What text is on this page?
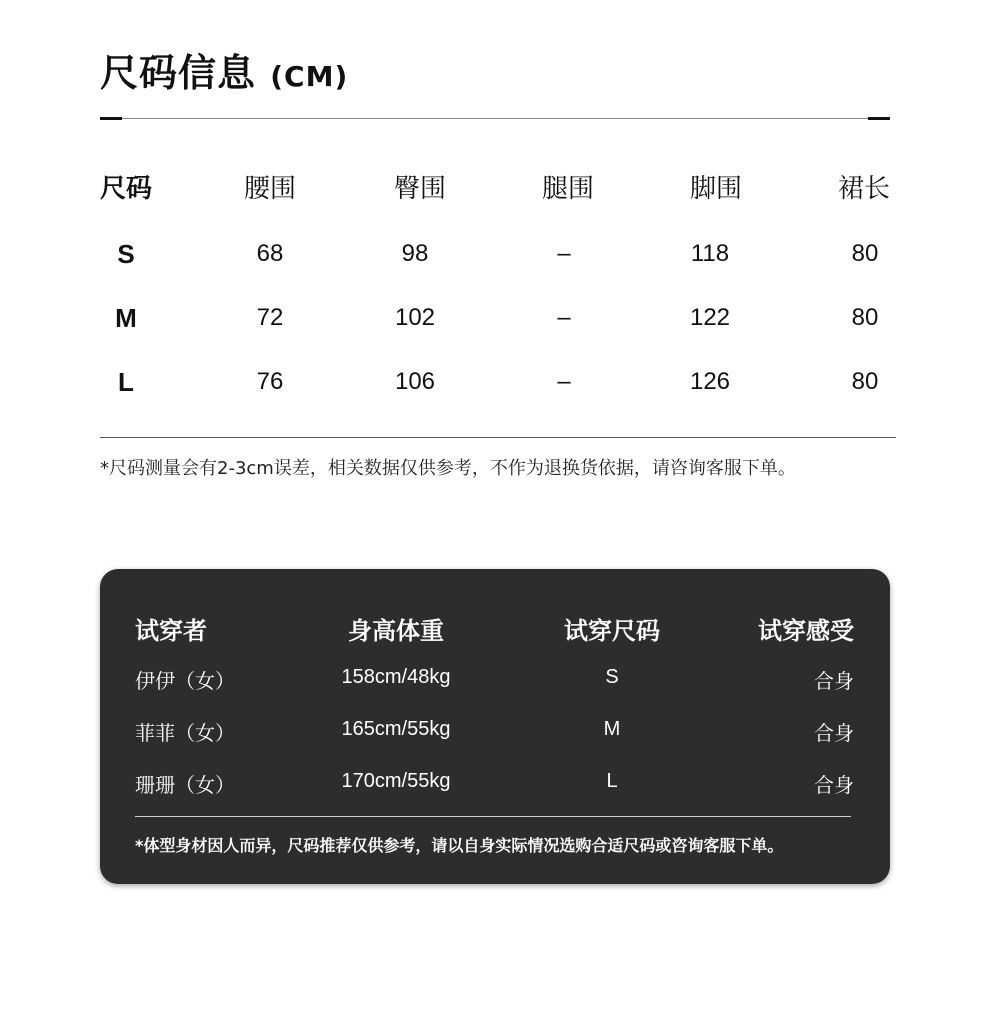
尺码信息 (CM)
尺码	腰围	臀围	腿围	脚围	裙长
S	68	98	–	118	80
M	72	102	–	122	80
L	76	106	–	126	80
*尺码测量会有2-3cm误差，相关数据仅供参考，不作为退换货依据，请咨询客服下单。
试穿者	身高体重	试穿尺码	试穿感受
伊伊（女）	158cm/48kg	S	合身
菲菲（女）	165cm/55kg	M	合身
珊珊（女）	170cm/55kg	L	合身
*体型身材因人而异，尺码推荐仅供参考，请以自身实际情况选购合适尺码或咨询客服下单。
